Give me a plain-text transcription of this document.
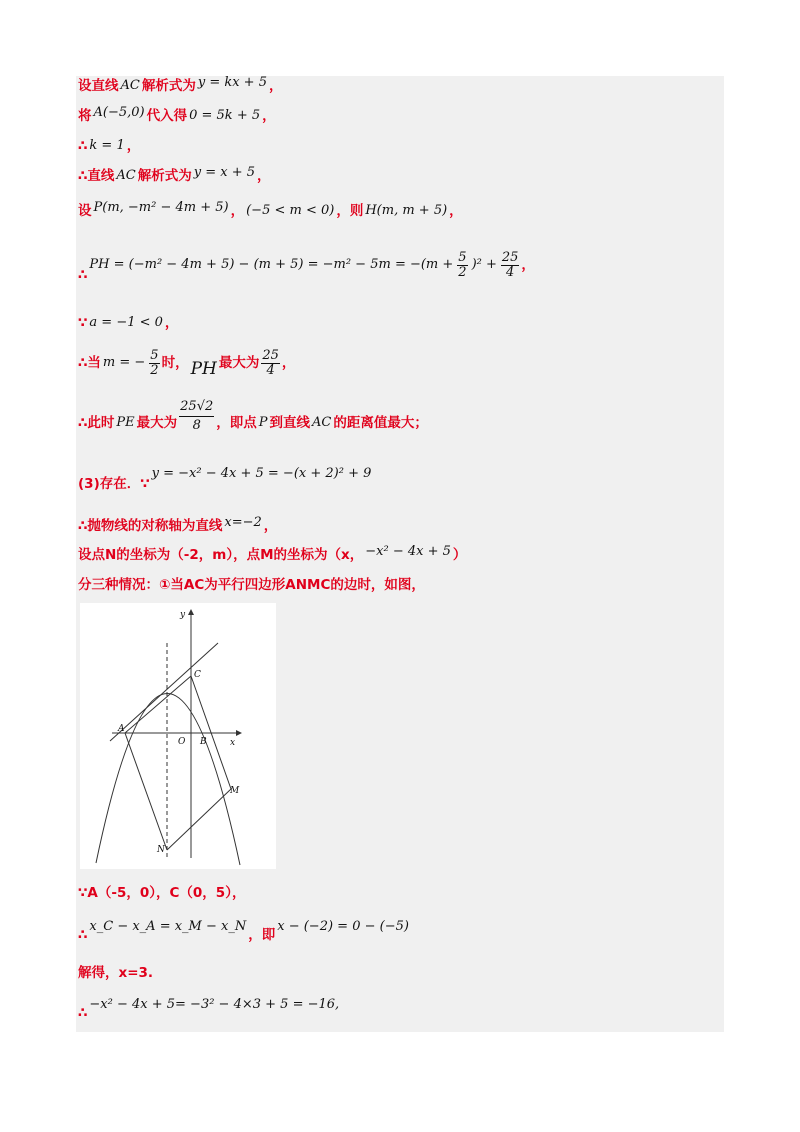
设直线 AC 解析式为 y = kx + 5 ，
将 A(−5,0) 代入得 0 = 5k + 5 ，
∴ k = 1 ，
∴ 直线 AC 解析式为 y = x + 5 ，
设 P(m, −m² − 4m + 5) ， (−5 < m < 0) ，则 H(m, m + 5) ，
∴
PH = $(-m^2 - 4m + 5) - (m + 5) = -m^2 - 5m = -(m + \frac{5}{2} )^2 + \frac{25}{4}$ ，
∵ a = −1 < 0 ，
∴ 当 m = − $\frac{5}{2}$ 时， PH 最大为 $\frac{25}{4}$ ，
∴ 此时 PE 最大为 $\frac{25√2}{8}$ ，即点 P 到直线 AC 的距离值最大；
(3)存在． ∵
y = −x² − 4x + 5 = −(x + 2)² + 9
∴ 抛物线的对称轴为直线 x=−2 ，
设点N的坐标为（-2，m），点M的坐标为（x， −x² − 4x + 5 ）
分三种情况：①当AC为平行四边形ANMC的边时，如图，
y
x
O
A
B
C
M
N
∵ A（-5，0），C（0，5），
∴
x_C − x_A = x_M − x_N
，即
x − (−2) = 0 − (−5)
解得，x=3.
∴
−x² − 4x + 5= −3² − 4×3 + 5 = −16,
